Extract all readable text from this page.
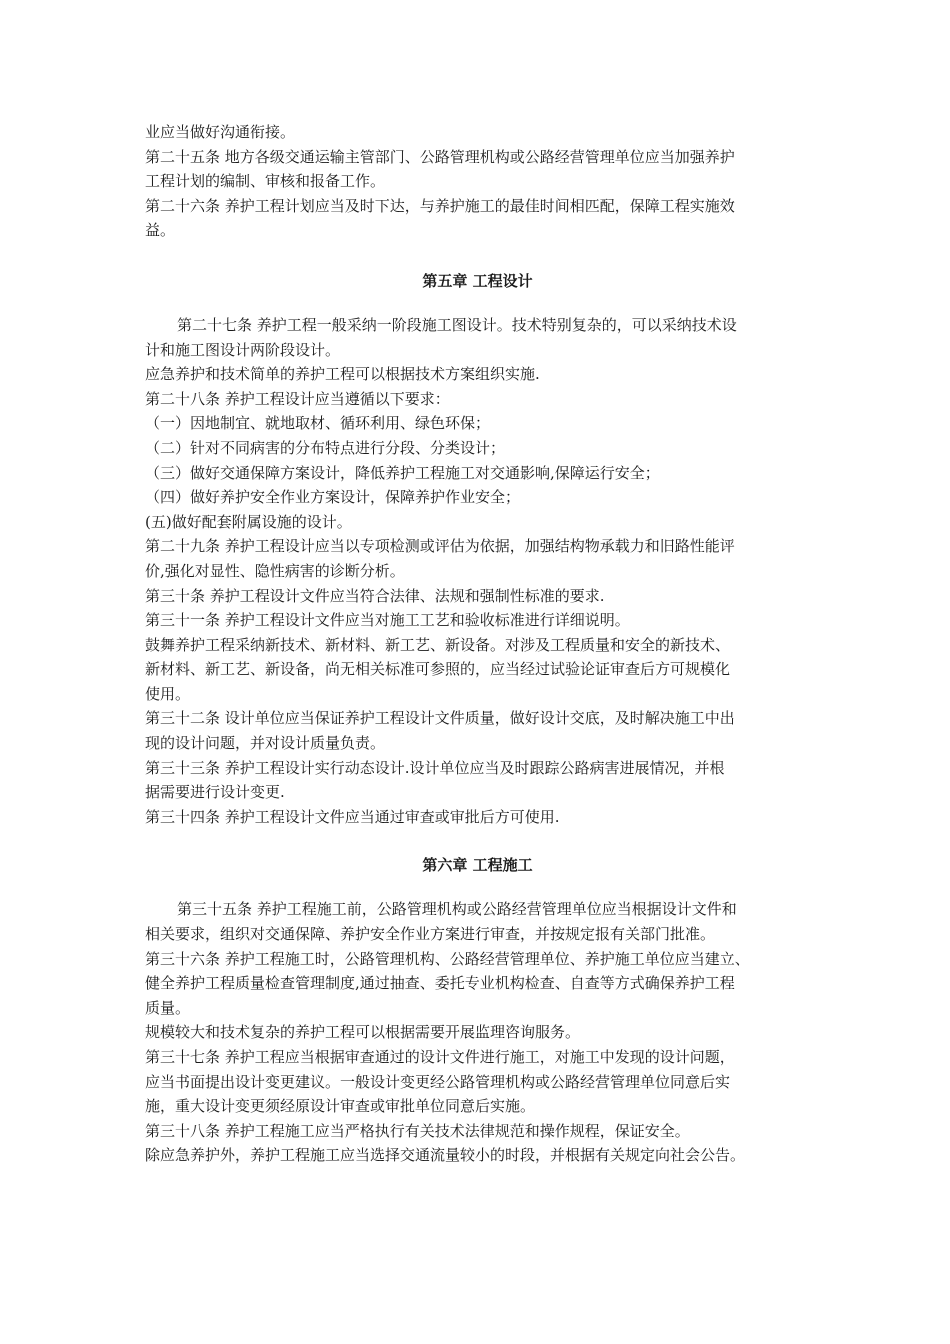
业应当做好沟通衔接。

第二十五条 地方各级交通运输主管部门、公路管理机构或公路经营管理单位应当加强养护

工程计划的编制、审核和报备工作。

第二十六条 养护工程计划应当及时下达，与养护施工的最佳时间相匹配，保障工程实施效

益。

第五章 工程设计

第二十七条 养护工程一般采纳一阶段施工图设计。技术特别复杂的，可以采纳技术设

计和施工图设计两阶段设计。

应急养护和技术简单的养护工程可以根据技术方案组织实施.

第二十八条 养护工程设计应当遵循以下要求：

（一）因地制宜、就地取材、循环利用、绿色环保；

（二）针对不同病害的分布特点进行分段、分类设计；

（三）做好交通保障方案设计，降低养护工程施工对交通影响,保障运行安全；

（四）做好养护安全作业方案设计，保障养护作业安全；

(五)做好配套附属设施的设计。

第二十九条 养护工程设计应当以专项检测或评估为依据，加强结构物承载力和旧路性能评

价,强化对显性、隐性病害的诊断分析。

第三十条 养护工程设计文件应当符合法律、法规和强制性标准的要求.

第三十一条 养护工程设计文件应当对施工工艺和验收标准进行详细说明。

鼓舞养护工程采纳新技术、新材料、新工艺、新设备。对涉及工程质量和安全的新技术、

新材料、新工艺、新设备，尚无相关标准可参照的，应当经过试验论证审查后方可规模化

使用。

第三十二条 设计单位应当保证养护工程设计文件质量，做好设计交底，及时解决施工中出

现的设计问题，并对设计质量负责。

第三十三条 养护工程设计实行动态设计.设计单位应当及时跟踪公路病害进展情况，并根

据需要进行设计变更.

第三十四条 养护工程设计文件应当通过审查或审批后方可使用.

第六章 工程施工

第三十五条 养护工程施工前，公路管理机构或公路经营管理单位应当根据设计文件和

相关要求，组织对交通保障、养护安全作业方案进行审查，并按规定报有关部门批准。

第三十六条 养护工程施工时，公路管理机构、公路经营管理单位、养护施工单位应当建立、

健全养护工程质量检查管理制度,通过抽查、委托专业机构检查、自查等方式确保养护工程

质量。

规模较大和技术复杂的养护工程可以根据需要开展监理咨询服务。

第三十七条 养护工程应当根据审查通过的设计文件进行施工，对施工中发现的设计问题，

应当书面提出设计变更建议。一般设计变更经公路管理机构或公路经营管理单位同意后实

施，重大设计变更须经原设计审查或审批单位同意后实施。

第三十八条 养护工程施工应当严格执行有关技术法律规范和操作规程，保证安全。

除应急养护外，养护工程施工应当选择交通流量较小的时段，并根据有关规定向社会公告。
